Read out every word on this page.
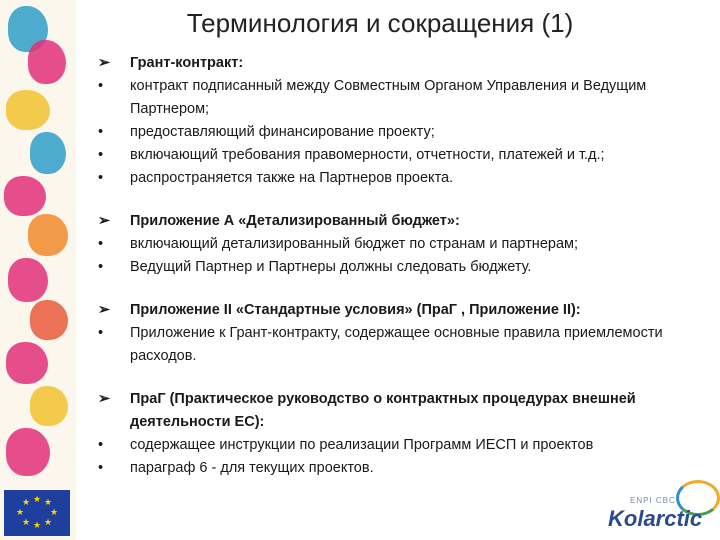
★ ★
★
★
★
★
★
★
Терминология и сокращения (1)
➢	Грант-контракт:
•	контракт подписанный между Совместным Органом Управления и Ведущим Партнером;
•	предоставляющий финансирование проекту;
•	включающий требования правомерности, отчетности, платежей и т.д.;
•	распространяется также на Партнеров проекта.
➢	Приложение А «Детализированный бюджет»:
•	включающий детализированный бюджет по странам и партнерам;
•	Ведущий Партнер и Партнеры должны следовать бюджету.
➢	Приложение II «Стандартные условия» (ПраГ , Приложение II):
•	Приложение к Грант-контракту, содержащее основные правила приемлемости расходов.
➢	ПраГ (Практическое руководство о контрактных процедурах внешней деятельности ЕС):
•	содержащее инструкции по реализации Программ ИЕСП и проектов
•	параграф 6 - для текущих проектов.
ENPI CBC
Kolarctic
